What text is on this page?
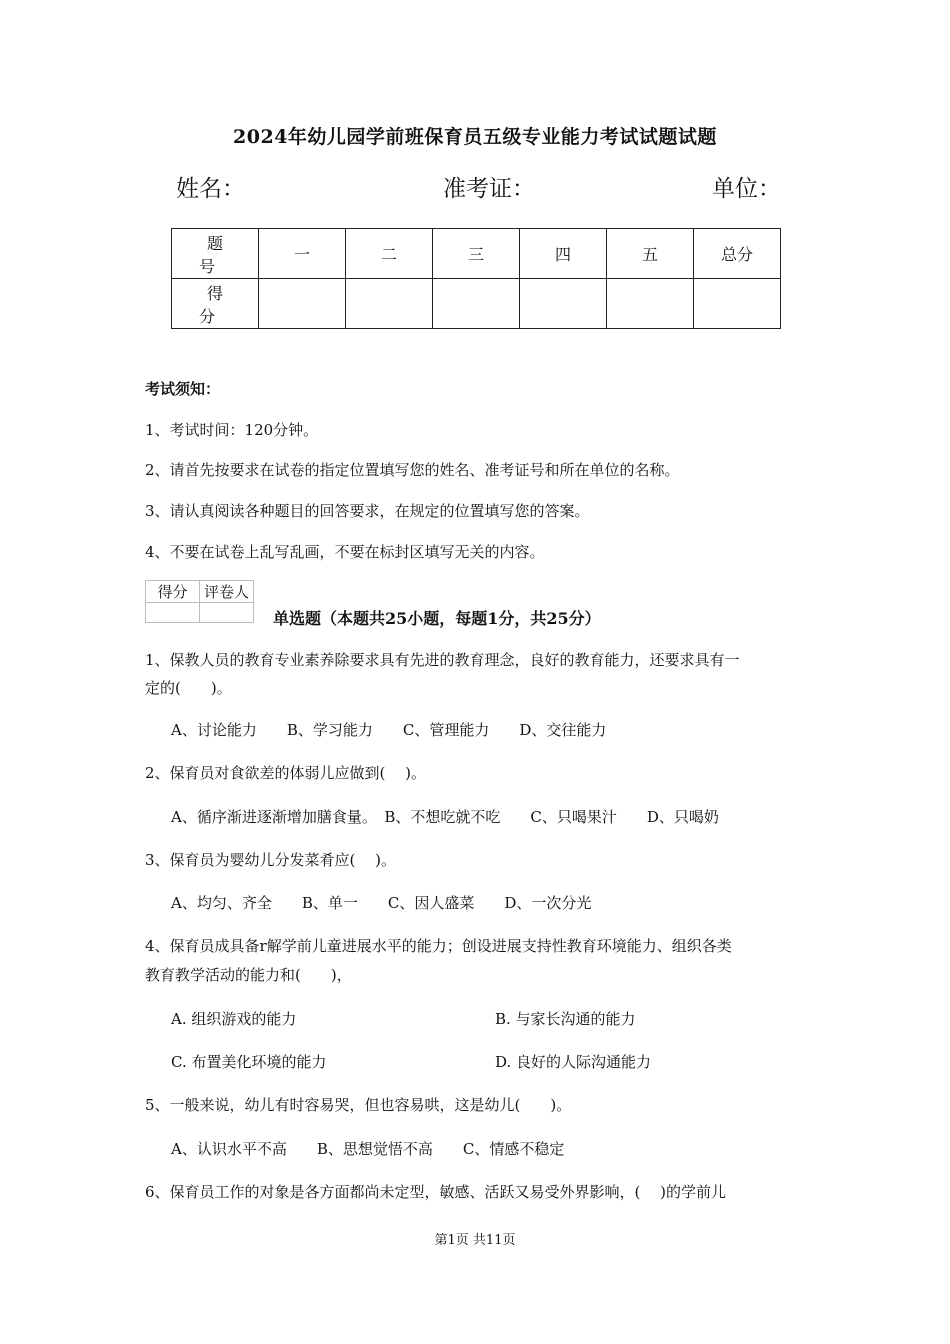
2024年幼儿园学前班保育员五级专业能力考试试题试题
姓名：	准考证：	单位：
题 号	一	二	三	四	五	总分
得 分						
考试须知：
1、考试时间：120分钟。
2、请首先按要求在试卷的指定位置填写您的姓名、准考证号和所在单位的名称。
3、请认真阅读各种题目的回答要求，在规定的位置填写您的答案。
4、不要在试卷上乱写乱画，不要在标封区填写无关的内容。
得分	评卷人

单选题（本题共25小题，每题1分，共25分）
1、保教人员的教育专业素养除要求具有先进的教育理念，良好的教育能力，还要求具有一
定的(　　)。
A、讨论能力　　B、学习能力　　C、管理能力　　D、交往能力
2、保育员对食欲差的体弱儿应做到(　 )。
A、循序渐进逐渐增加膳食量。　B、不想吃就不吃　　C、只喝果汁　　D、只喝奶
3、保育员为婴幼儿分发菜肴应(　 )。
A、均匀、齐全　　B、单一　　C、因人盛菜　　D、一次分光
4、保育员成具备r解学前儿童进展水平的能力；创设进展支持性教育环境能力、组织各类
教育教学活动的能力和(　　)，
A. 组织游戏的能力	B. 与家长沟通的能力
C. 布置美化环境的能力	D. 良好的人际沟通能力
5、一般来说，幼儿有时容易哭，但也容易哄，这是幼儿(　　)。
A、认识水平不高　　B、思想觉悟不高　　C、情感不稳定
6、保育员工作的对象是各方面都尚未定型，敏感、活跃又易受外界影响，(　 )的学前儿
第1页 共11页
